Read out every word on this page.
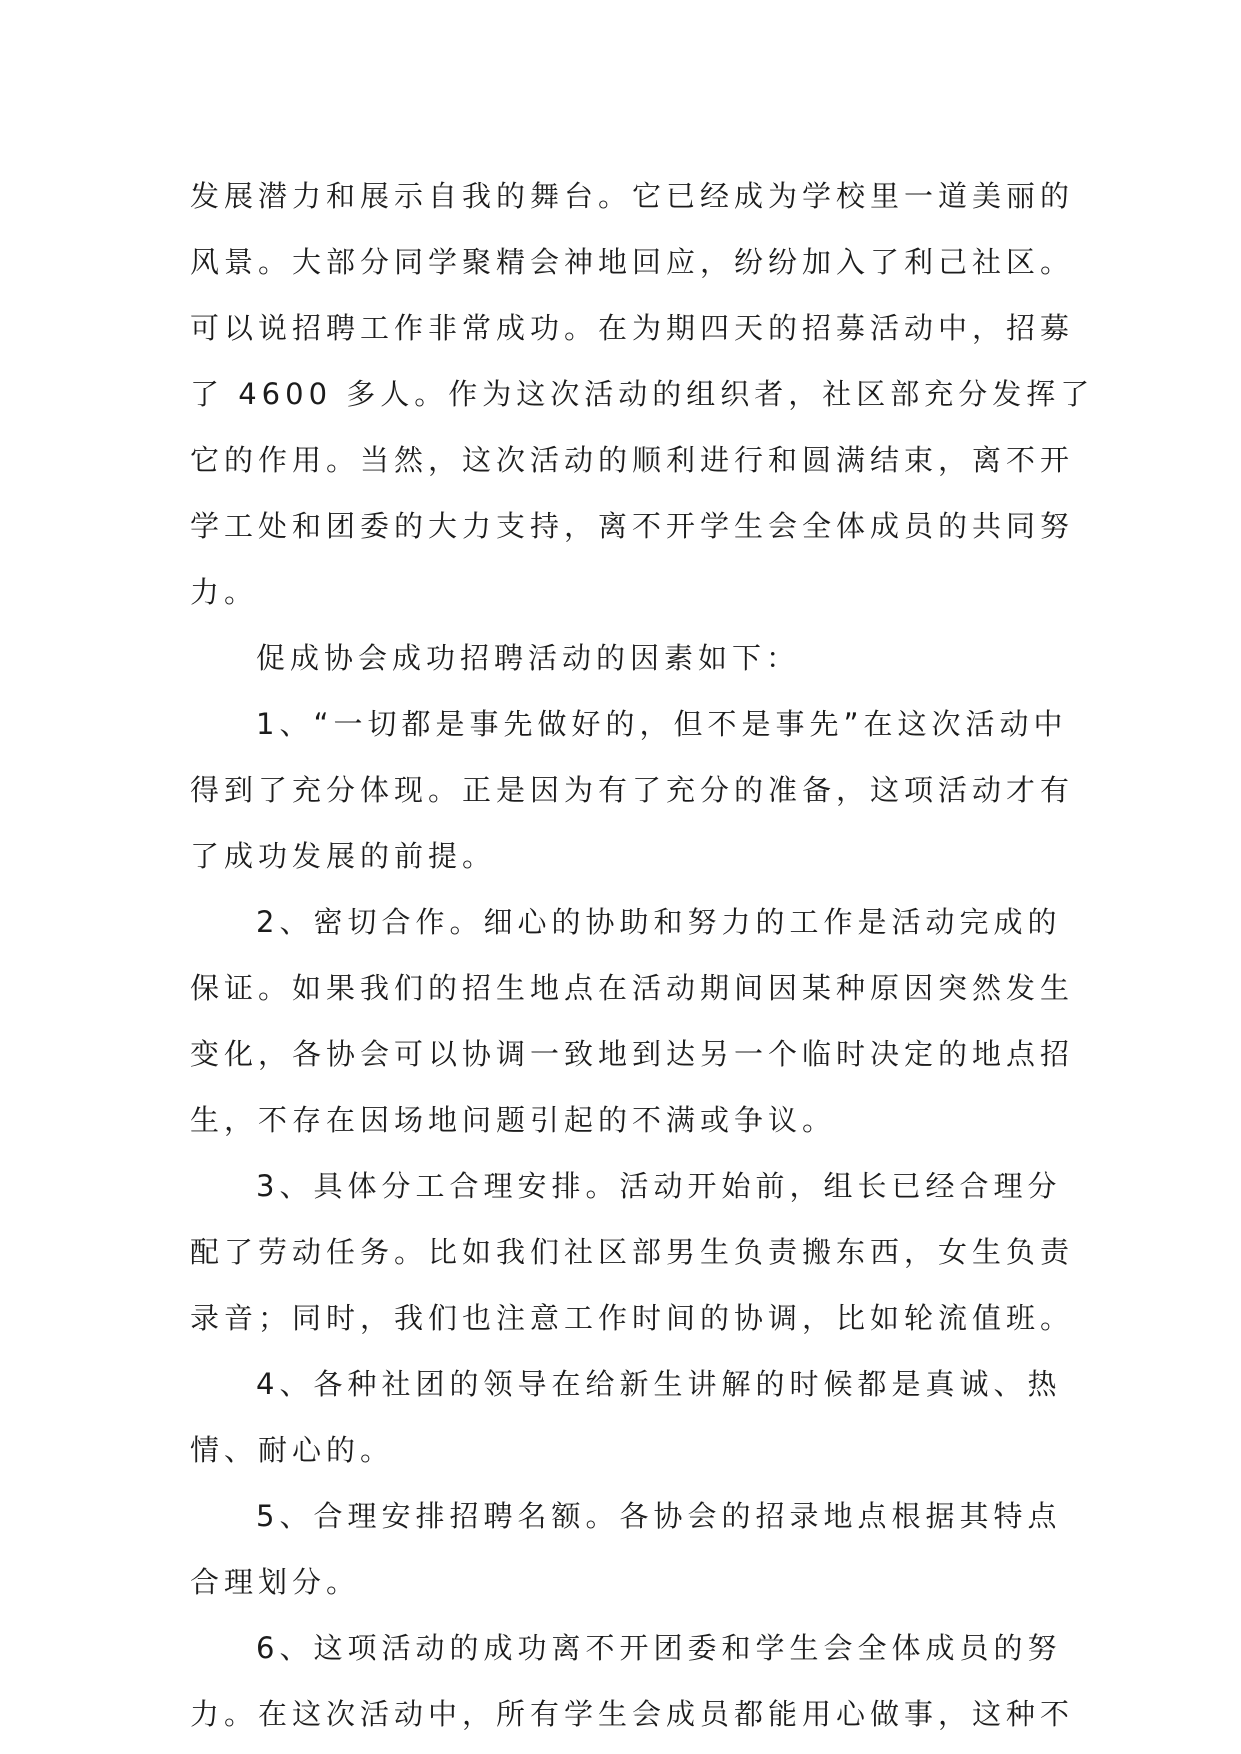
发展潜力和展示自我的舞台。它已经成为学校里一道美丽的
风景。大部分同学聚精会神地回应，纷纷加入了利己社区。
可以说招聘工作非常成功。在为期四天的招募活动中，招募
了 4600 多人。作为这次活动的组织者，社区部充分发挥了
它的作用。当然，这次活动的顺利进行和圆满结束，离不开
学工处和团委的大力支持，离不开学生会全体成员的共同努
力。

促成协会成功招聘活动的因素如下：

1、“一切都是事先做好的，但不是事先”在这次活动中
得到了充分体现。正是因为有了充分的准备，这项活动才有
了成功发展的前提。

2、密切合作。细心的协助和努力的工作是活动完成的
保证。如果我们的招生地点在活动期间因某种原因突然发生
变化，各协会可以协调一致地到达另一个临时决定的地点招
生，不存在因场地问题引起的不满或争议。

3、具体分工合理安排。活动开始前，组长已经合理分
配了劳动任务。比如我们社区部男生负责搬东西，女生负责
录音；同时，我们也注意工作时间的协调，比如轮流值班。

4、各种社团的领导在给新生讲解的时候都是真诚、热
情、耐心的。

5、合理安排招聘名额。各协会的招录地点根据其特点
合理划分。

6、这项活动的成功离不开团委和学生会全体成员的努
力。在这次活动中，所有学生会成员都能用心做事，这种不
